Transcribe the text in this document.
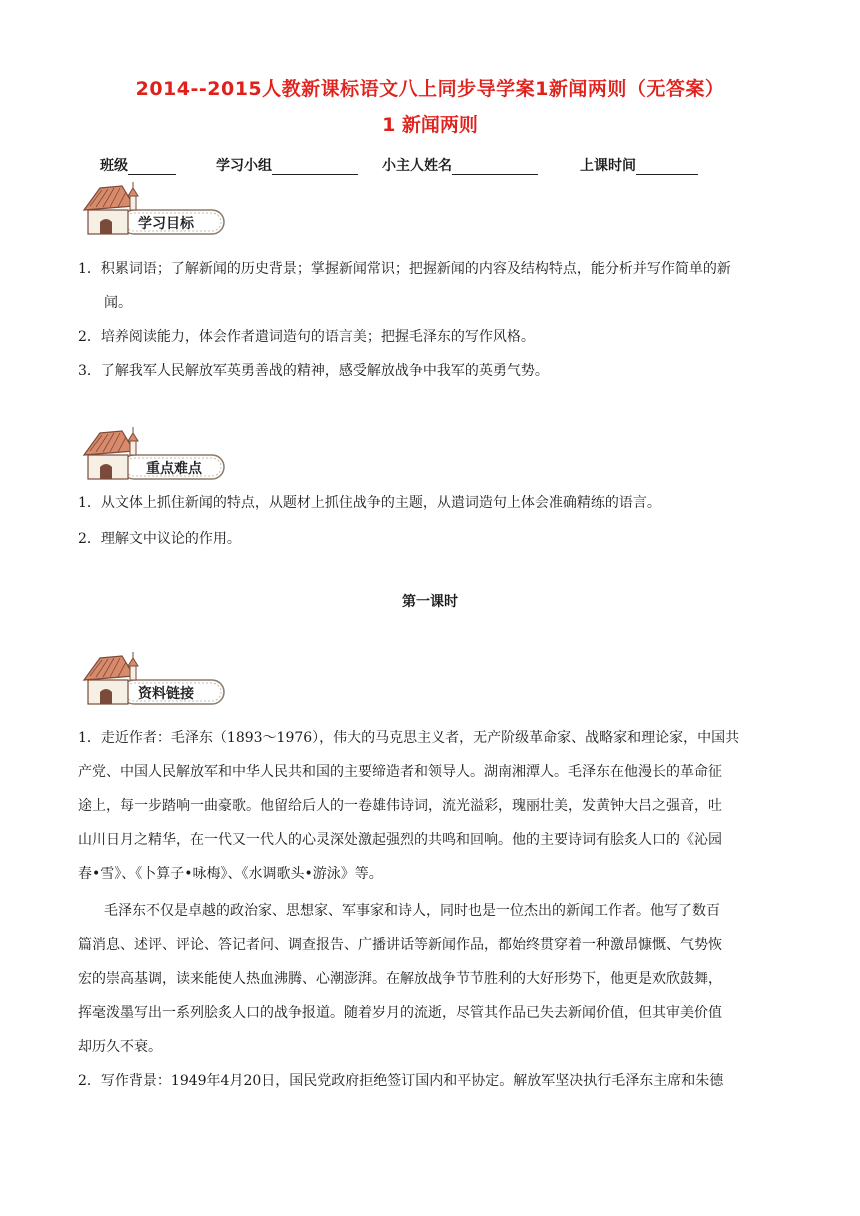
2014--2015人教新课标语文八上同步导学案1新闻两则（无答案）
1 新闻两则
班级	学习小组	小主人姓名	上课时间
学习目标
1．积累词语；了解新闻的历史背景；掌握新闻常识；把握新闻的内容及结构特点，能分析并写作简单的新
闻。
2．培养阅读能力，体会作者遣词造句的语言美；把握毛泽东的写作风格。
3．了解我军人民解放军英勇善战的精神，感受解放战争中我军的英勇气势。
重点难点
1．从文体上抓住新闻的特点，从题材上抓住战争的主题，从遣词造句上体会准确精练的语言。
2．理解文中议论的作用。
第一课时
资料链接
1．走近作者：毛泽东（1893～1976），伟大的马克思主义者，无产阶级革命家、战略家和理论家，中国共
产党、中国人民解放军和中华人民共和国的主要缔造者和领导人。湖南湘潭人。毛泽东在他漫长的革命征
途上，每一步踏响一曲豪歌。他留给后人的一卷雄伟诗词，流光溢彩，瑰丽壮美，发黄钟大吕之强音，吐
山川日月之精华，在一代又一代人的心灵深处激起强烈的共鸣和回响。他的主要诗词有脍炙人口的《沁园
春•雪》、《卜算子•咏梅》、《水调歌头•游泳》等。
毛泽东不仅是卓越的政治家、思想家、军事家和诗人，同时也是一位杰出的新闻工作者。他写了数百
篇消息、述评、评论、答记者问、调查报告、广播讲话等新闻作品，都始终贯穿着一种激昂慷慨、气势恢
宏的崇高基调，读来能使人热血沸腾、心潮澎湃。在解放战争节节胜利的大好形势下，他更是欢欣鼓舞，
挥毫泼墨写出一系列脍炙人口的战争报道。随着岁月的流逝，尽管其作品已失去新闻价值，但其审美价值
却历久不衰。
2．写作背景：1949年4月20日，国民党政府拒绝签订国内和平协定。解放军坚决执行毛泽东主席和朱德
